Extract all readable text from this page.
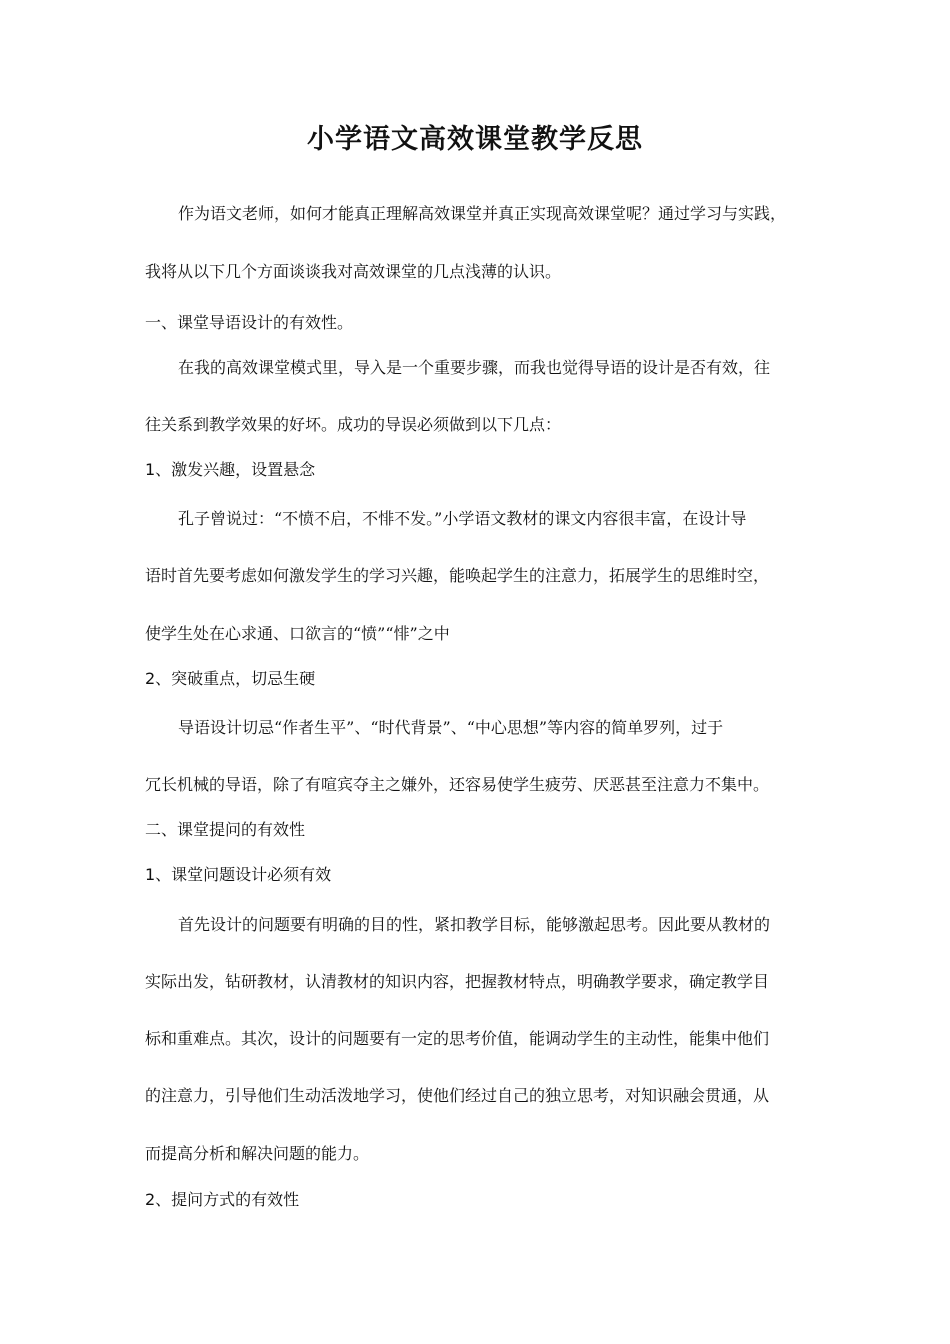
小学语文高效课堂教学反思

作为语文老师，如何才能真正理解高效课堂并真正实现高效课堂呢？通过学习与实践，

我将从以下几个方面谈谈我对高效课堂的几点浅薄的认识。

一、课堂导语设计的有效性。

在我的高效课堂模式里，导入是一个重要步骤，而我也觉得导语的设计是否有效，往

往关系到教学效果的好坏。成功的导误必须做到以下几点：

1、激发兴趣，设置悬念

孔子曾说过：“不愤不启，不悱不发。”小学语文教材的课文内容很丰富，在设计导

语时首先要考虑如何激发学生的学习兴趣，能唤起学生的注意力，拓展学生的思维时空，

使学生处在心求通、口欲言的“愤”“悱”之中

2、突破重点，切忌生硬

导语设计切忌“作者生平”、“时代背景”、“中心思想”等内容的简单罗列，过于

冗长机械的导语，除了有喧宾夺主之嫌外，还容易使学生疲劳、厌恶甚至注意力不集中。

二、课堂提问的有效性

1、课堂问题设计必须有效

首先设计的问题要有明确的目的性，紧扣教学目标，能够激起思考。因此要从教材的

实际出发，钻研教材，认清教材的知识内容，把握教材特点，明确教学要求，确定教学目

标和重难点。其次，设计的问题要有一定的思考价值，能调动学生的主动性，能集中他们

的注意力，引导他们生动活泼地学习，使他们经过自己的独立思考，对知识融会贯通，从

而提高分析和解决问题的能力。

2、提问方式的有效性
